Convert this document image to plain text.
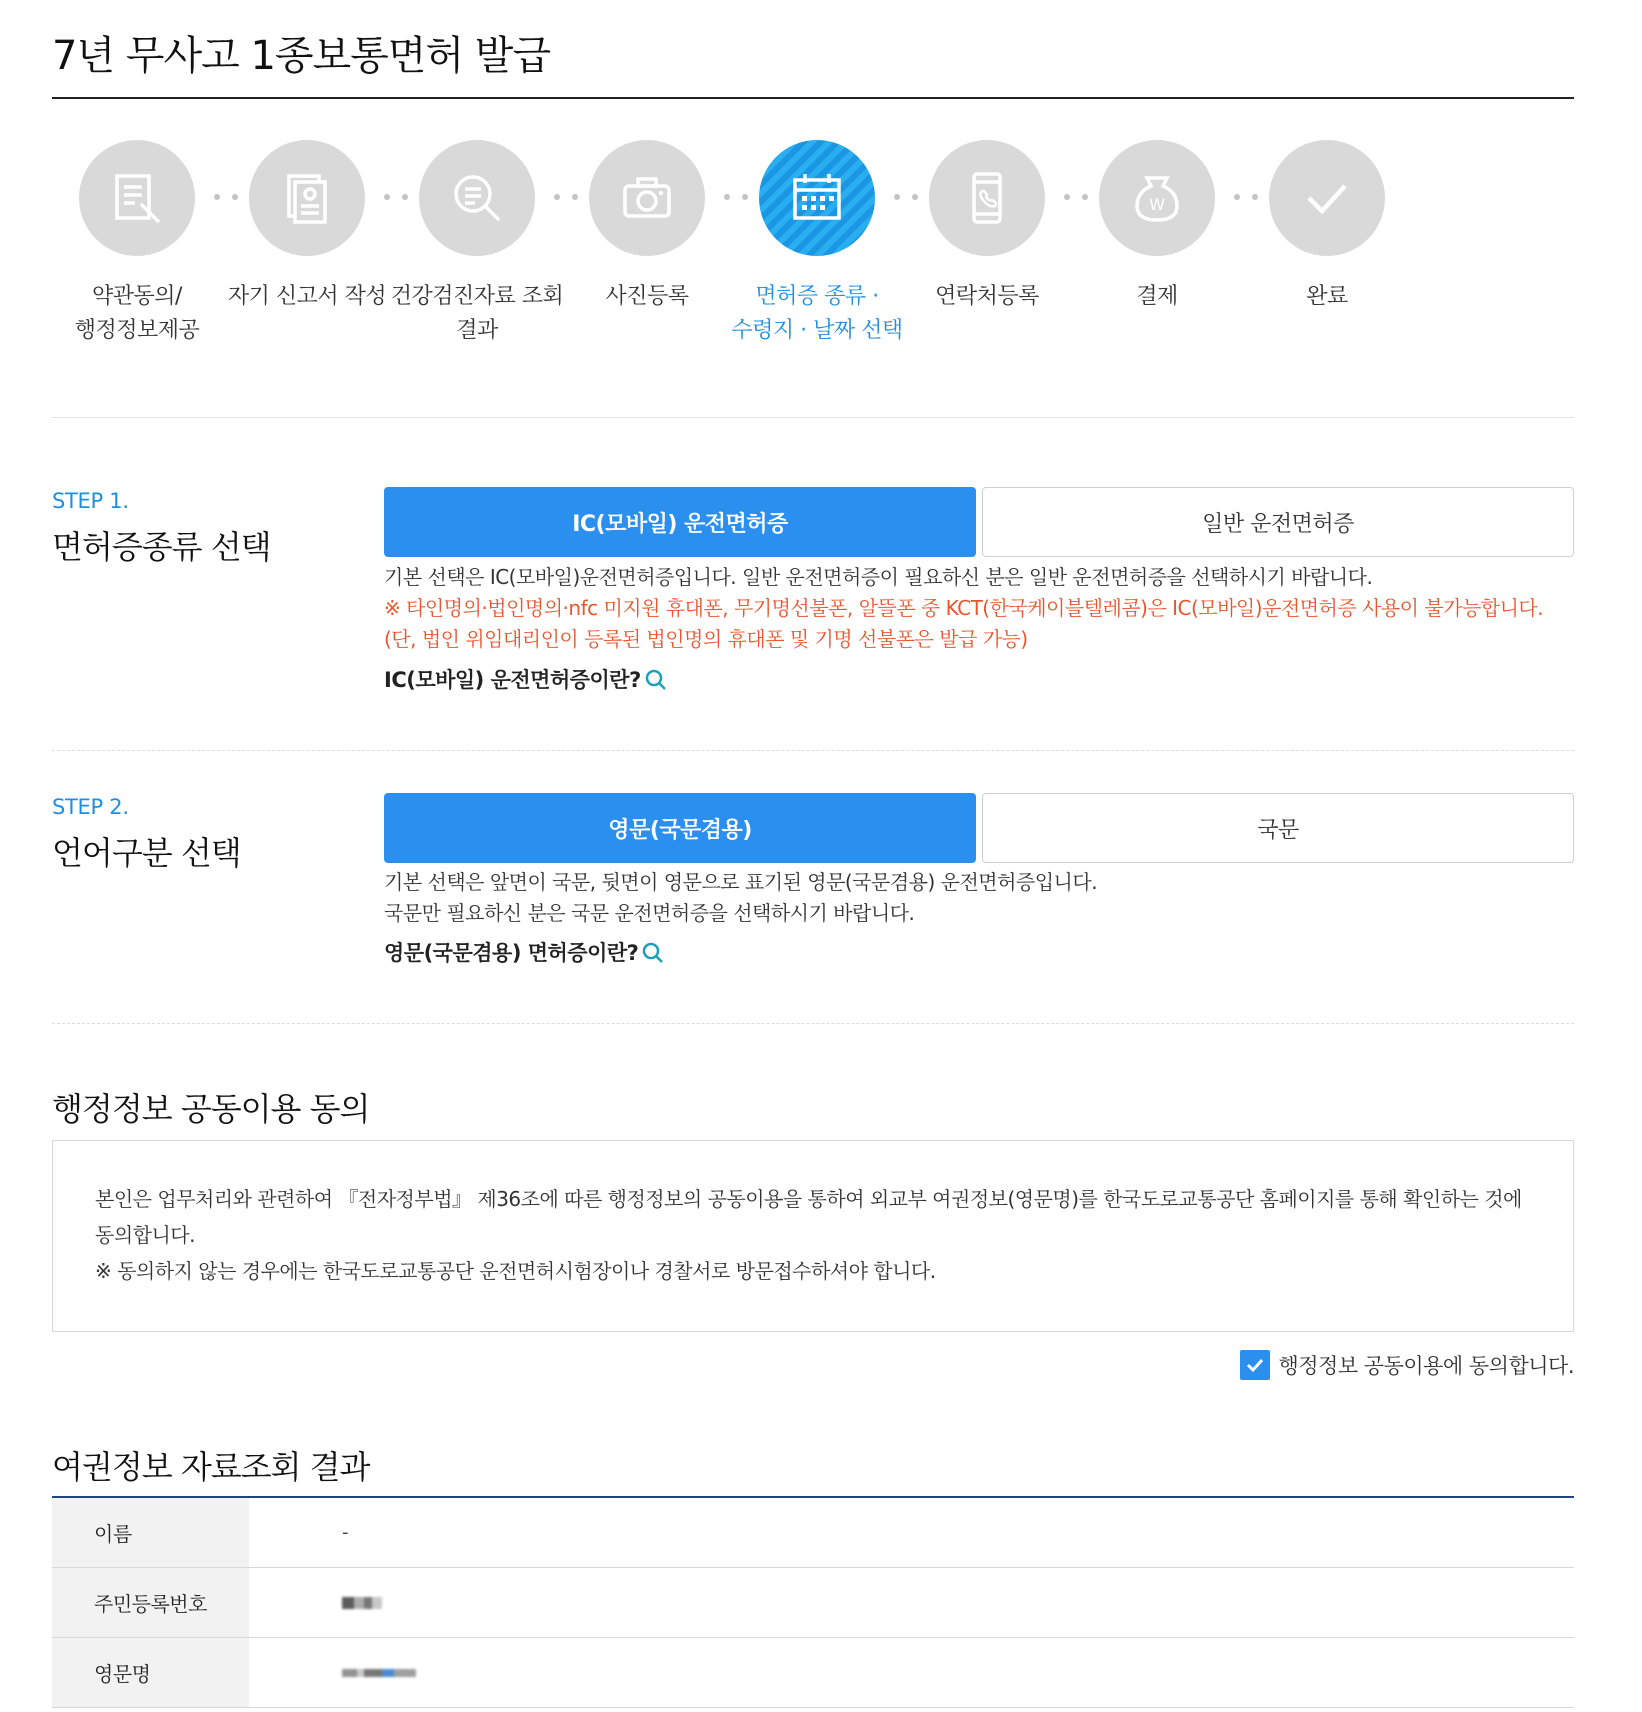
7년 무사고 1종보통면허 발급
약관동의/
행정정보제공
자기 신고서 작성 건강검진자료 조회
결과
사진등록	면허증 종류 ·
수령지 · 날짜 선택
연락처등록
W
결제	완료
STEP 1.
면허증종류 선택
IC(모바일) 운전면허증	일반 운전면허증
기본 선택은 IC(모바일)운전면허증입니다. 일반 운전면허증이 필요하신 분은 일반 운전면허증을 선택하시기 바랍니다.
※ 타인명의·법인명의·nfc 미지원 휴대폰, 무기명선불폰, 알뜰폰 중 KCT(한국케이블텔레콤)은 IC(모바일)운전면허증 사용이 불가능합니다.
(단, 법인 위임대리인이 등록된 법인명의 휴대폰 및 기명 선불폰은 발급 가능)
IC(모바일) 운전면허증이란?
STEP 2.
언어구분 선택
영문(국문겸용)	국문
기본 선택은 앞면이 국문, 뒷면이 영문으로 표기된 영문(국문겸용) 운전면허증입니다.
국문만 필요하신 분은 국문 운전면허증을 선택하시기 바랍니다.
영문(국문겸용) 면허증이란?
행정정보 공동이용 동의
본인은 업무처리와 관련하여 『전자정부법』 제36조에 따른 행정정보의 공동이용을 통하여 외교부 여권정보(영문명)를 한국도로교통공단 홈페이지를 통해 확인하는 것에 동의합니다.
※ 동의하지 않는 경우에는 한국도로교통공단 운전면허시험장이나 경찰서로 방문접수하셔야 합니다.
행정정보 공동이용에 동의합니다.
여권정보 자료조회 결과
이름	-
주민등록번호
영문명
